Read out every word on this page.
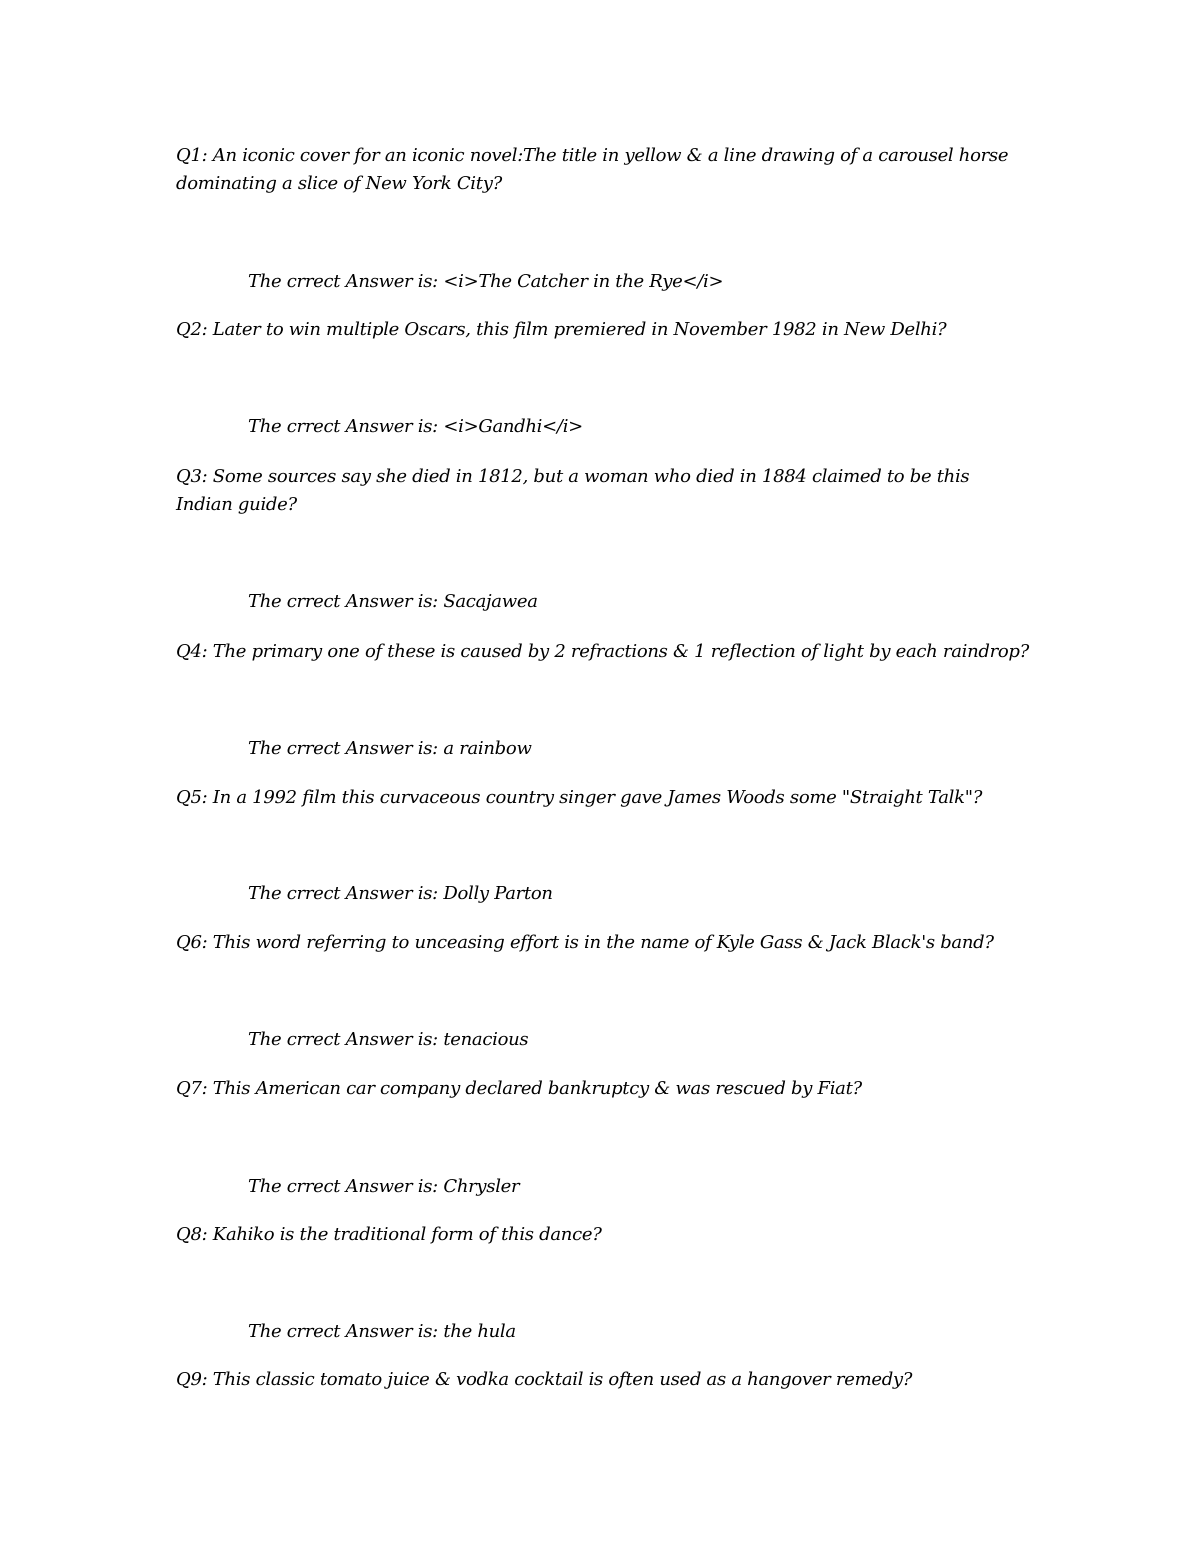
Q1: An iconic cover for an iconic novel:The title in yellow & a line drawing of a carousel horse
dominating a slice of New York City?
The crrect Answer is: <i>The Catcher in the Rye</i>
Q2: Later to win multiple Oscars, this film premiered in November 1982 in New Delhi?
The crrect Answer is: <i>Gandhi</i>
Q3: Some sources say she died in 1812, but a woman who died in 1884 claimed to be this
Indian guide?
The crrect Answer is: Sacajawea
Q4: The primary one of these is caused by 2 refractions & 1 reflection of light by each raindrop?
The crrect Answer is: a rainbow
Q5: In a 1992 film this curvaceous country singer gave James Woods some "Straight Talk"?
The crrect Answer is: Dolly Parton
Q6: This word referring to unceasing effort is in the name of Kyle Gass & Jack Black's band?
The crrect Answer is: tenacious
Q7: This American car company declared bankruptcy & was rescued by Fiat?
The crrect Answer is: Chrysler
Q8: Kahiko is the traditional form of this dance?
The crrect Answer is: the hula
Q9: This classic tomato juice & vodka cocktail is often used as a hangover remedy?
